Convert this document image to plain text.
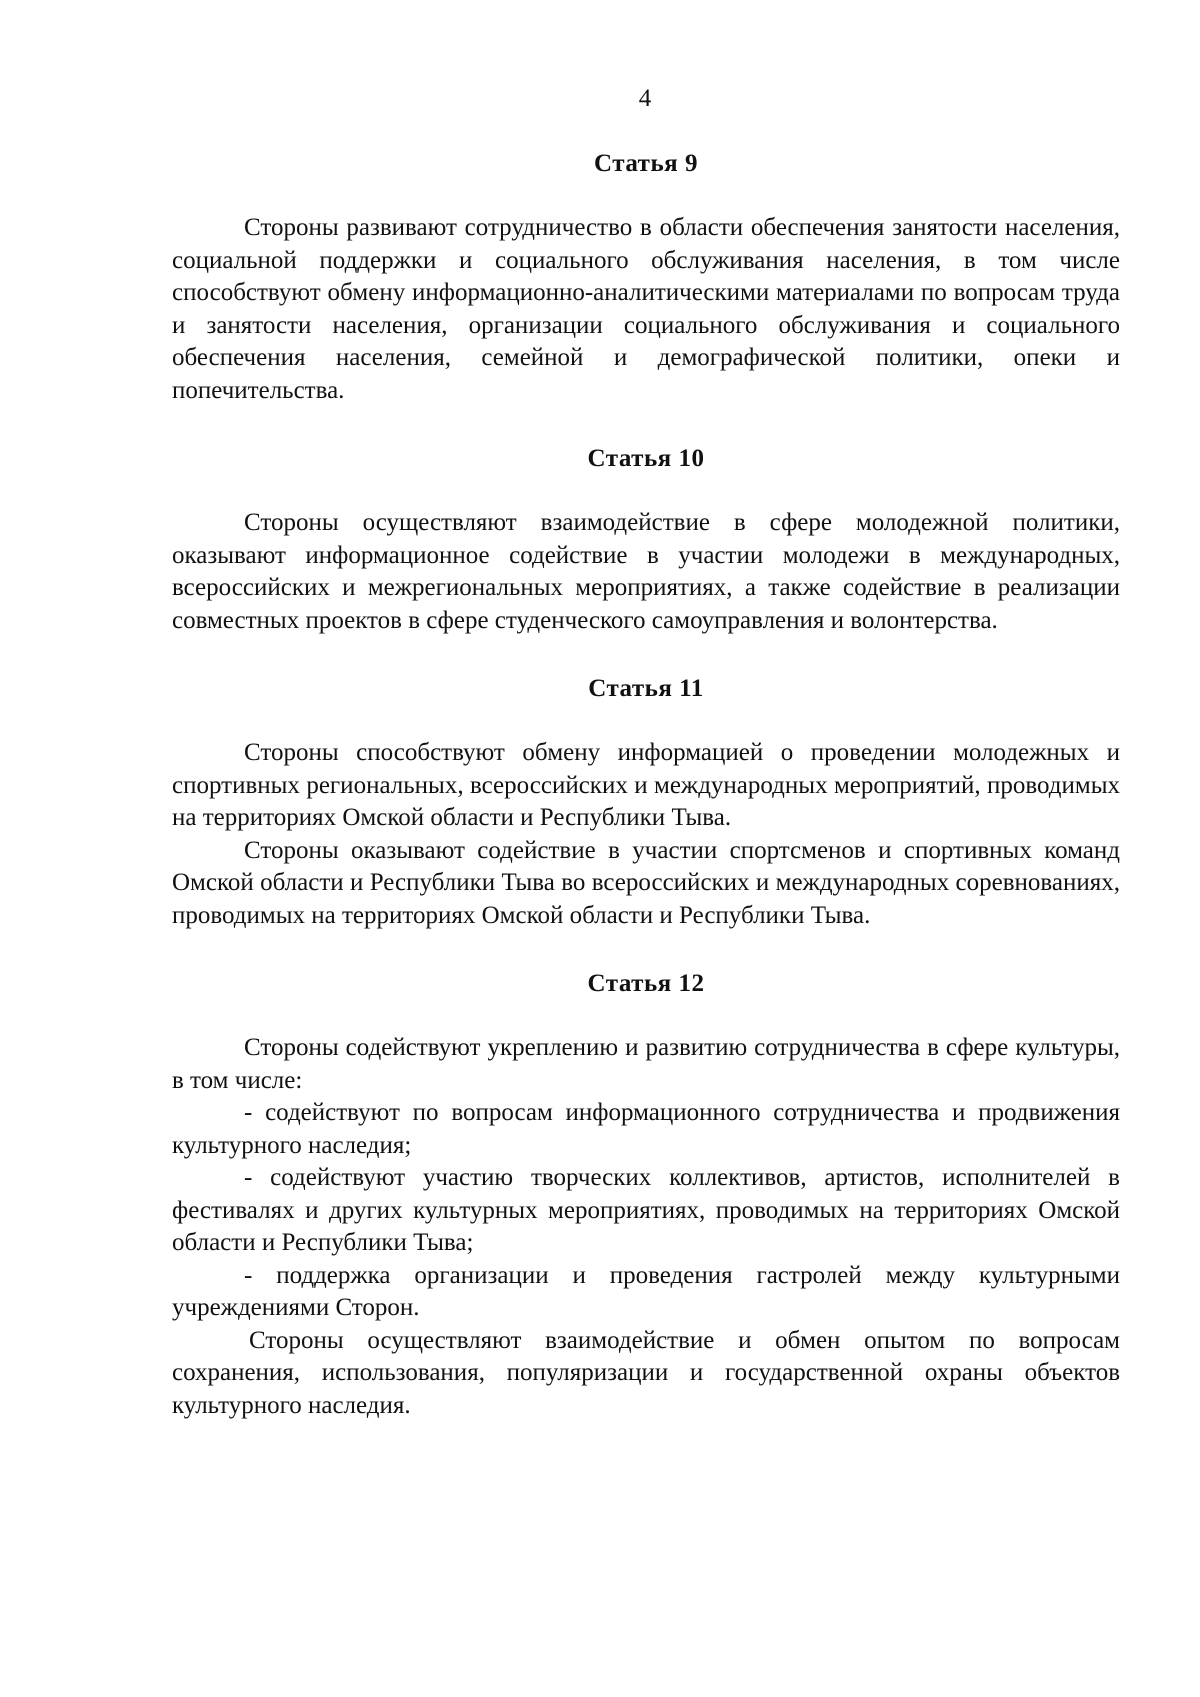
4
Статья 9

Стороны развивают сотрудничество в области обеспечения занятости населения, социальной поддержки и социального обслуживания населения, в том числе способствуют обмену информационно-аналитическими материалами по вопросам труда и занятости населения, организации социального обслуживания и социального обеспечения населения, семейной и демографической политики, опеки и попечительства.

Статья 10

Стороны осуществляют взаимодействие в сфере молодежной политики, оказывают информационное содействие в участии молодежи в международных, всероссийских и межрегиональных мероприятиях, а также содействие в реализации совместных проектов в сфере студенческого самоуправления и волонтерства.

Статья 11

Стороны способствуют обмену информацией о проведении молодежных и спортивных региональных, всероссийских и международных мероприятий, проводимых на территориях Омской области и Республики Тыва.

Стороны оказывают содействие в участии спортсменов и спортивных команд Омской области и Республики Тыва во всероссийских и международных соревнованиях, проводимых на территориях Омской области и Республики Тыва.

Статья 12

Стороны содействуют укреплению и развитию сотрудничества в сфере культуры, в том числе:

- содействуют по вопросам информационного сотрудничества и продвижения культурного наследия;

- содействуют участию творческих коллективов, артистов, исполнителей в фестивалях и других культурных мероприятиях, проводимых на территориях Омской области и Республики Тыва;

- поддержка организации и проведения гастролей между культурными учреждениями Сторон.

Стороны осуществляют взаимодействие и обмен опытом по вопросам сохранения, использования, популяризации и государственной охраны объектов культурного наследия.
